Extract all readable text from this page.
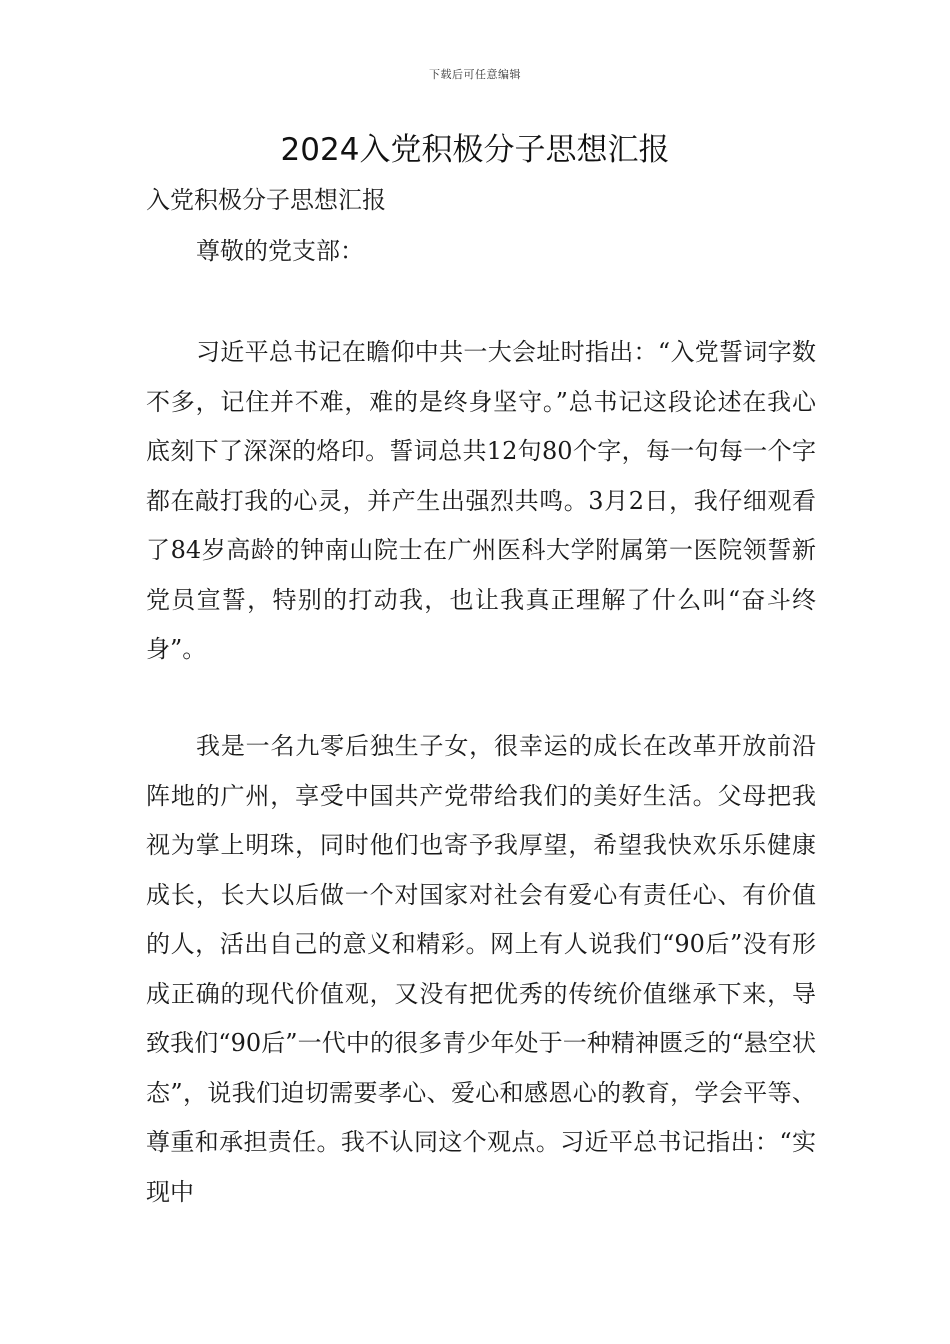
下载后可任意编辑
2024入党积极分子思想汇报
入党积极分子思想汇报
尊敬的党支部：

习近平总书记在瞻仰中共一大会址时指出：“入党誓词字数不多，记住并不难，难的是终身坚守。”总书记这段论述在我心底刻下了深深的烙印。誓词总共12句80个字，每一句每一个字都在敲打我的心灵，并产生出强烈共鸣。3月2日，我仔细观看了84岁高龄的钟南山院士在广州医科大学附属第一医院领誓新党员宣誓，特别的打动我，也让我真正理解了什么叫“奋斗终身”。

我是一名九零后独生子女，很幸运的成长在改革开放前沿阵地的广州，享受中国共产党带给我们的美好生活。父母把我视为掌上明珠，同时他们也寄予我厚望，希望我快欢乐乐健康成长，长大以后做一个对国家对社会有爱心有责任心、有价值的人，活出自己的意义和精彩。网上有人说我们“90后”没有形成正确的现代价值观，又没有把优秀的传统价值继承下来，导致我们“90后”一代中的很多青少年处于一种精神匮乏的“悬空状态”，说我们迫切需要孝心、爱心和感恩心的教育，学会平等、尊重和承担责任。我不认同这个观点。习近平总书记指出：“实现中
